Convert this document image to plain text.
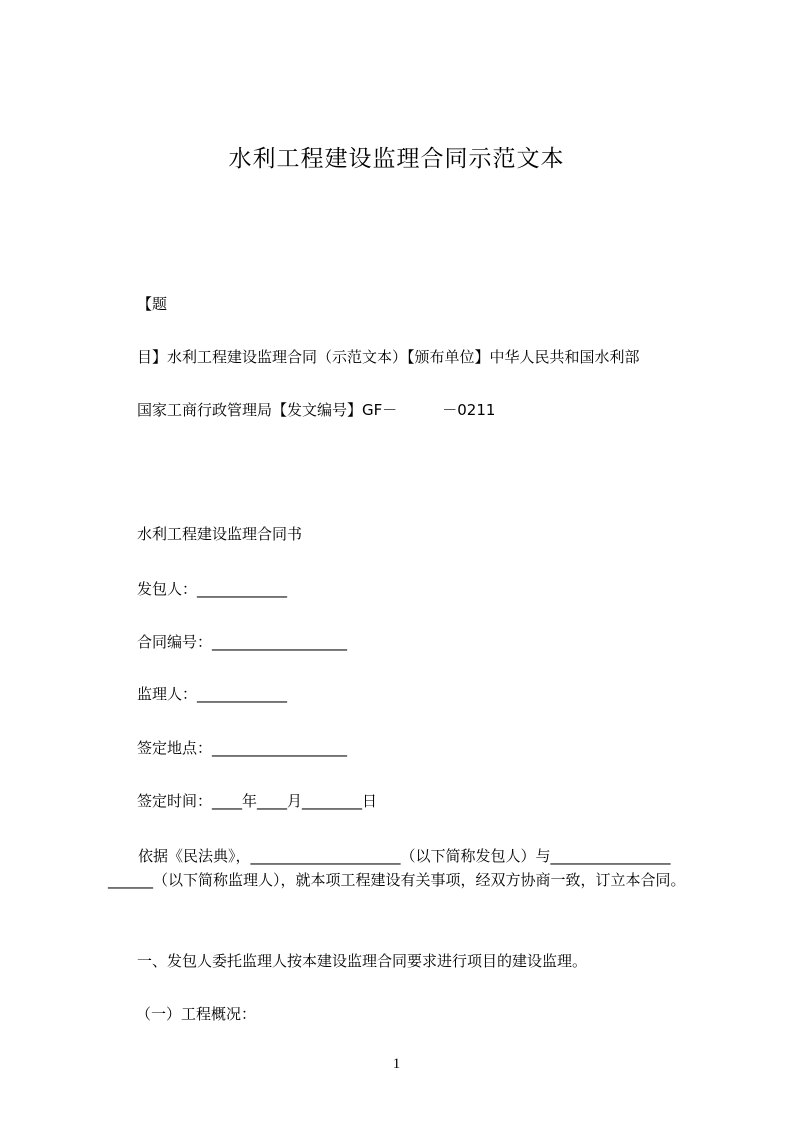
水利工程建设监理合同示范文本
【题
目】水利工程建设监理合同（示范文本）【颁布单位】中华人民共和国水利部
国家工商行政管理局【发文编号】GF－　　　－0211
水利工程建设监理合同书
发包人：____________
合同编号：__________________
监理人：____________
签定地点：__________________
签定时间：____年____月________日
依据《民法典》，____________________（以下简称发包人）与________________ ______（以下简称监理人），就本项工程建设有关事项，经双方协商一致，订立本合同。
一、发包人委托监理人按本建设监理合同要求进行项目的建设监理。
（一）工程概况：
1
